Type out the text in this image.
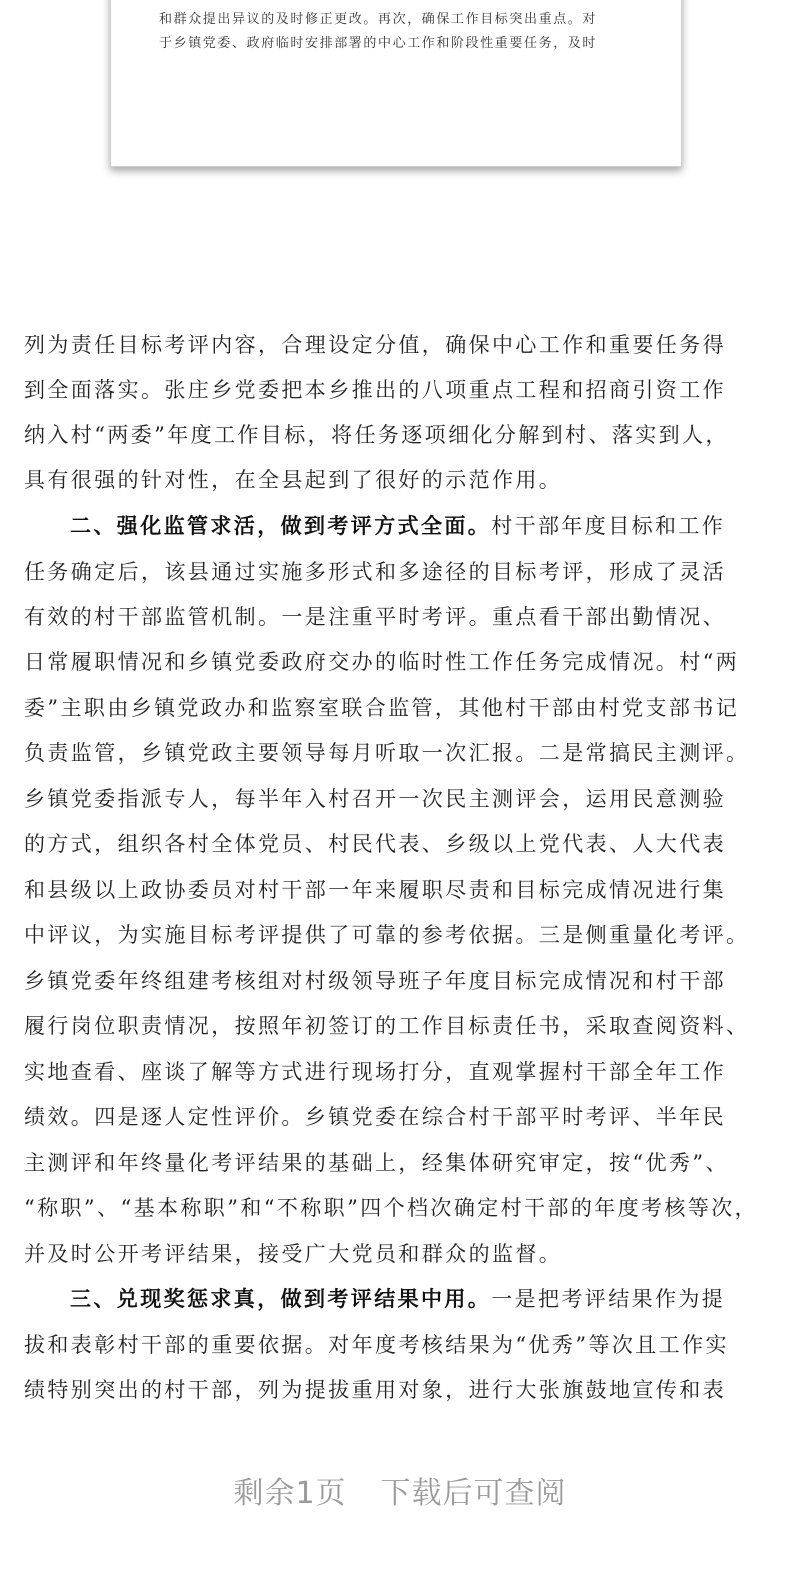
和群众提出异议的及时修正更改。再次，确保工作目标突出重点。对
于乡镇党委、政府临时安排部署的中心工作和阶段性重要任务，及时
列为责任目标考评内容，合理设定分值，确保中心工作和重要任务得
到全面落实。张庄乡党委把本乡推出的八项重点工程和招商引资工作
纳入村“两委”年度工作目标，将任务逐项细化分解到村、落实到人，
具有很强的针对性，在全县起到了很好的示范作用。
二、强化监管求活，做到考评方式全面。村干部年度目标和工作
任务确定后，该县通过实施多形式和多途径的目标考评，形成了灵活
有效的村干部监管机制。一是注重平时考评。重点看干部出勤情况、
日常履职情况和乡镇党委政府交办的临时性工作任务完成情况。村“两
委”主职由乡镇党政办和监察室联合监管，其他村干部由村党支部书记
负责监管，乡镇党政主要领导每月听取一次汇报。二是常搞民主测评。
乡镇党委指派专人，每半年入村召开一次民主测评会，运用民意测验
的方式，组织各村全体党员、村民代表、乡级以上党代表、人大代表
和县级以上政协委员对村干部一年来履职尽责和目标完成情况进行集
中评议，为实施目标考评提供了可靠的参考依据。三是侧重量化考评。
乡镇党委年终组建考核组对村级领导班子年度目标完成情况和村干部
履行岗位职责情况，按照年初签订的工作目标责任书，采取查阅资料、
实地查看、座谈了解等方式进行现场打分，直观掌握村干部全年工作
绩效。四是逐人定性评价。乡镇党委在综合村干部平时考评、半年民
主测评和年终量化考评结果的基础上，经集体研究审定，按“优秀”、
“称职”、“基本称职”和“不称职”四个档次确定村干部的年度考核等次，
并及时公开考评结果，接受广大党员和群众的监督。
三、兑现奖惩求真，做到考评结果中用。一是把考评结果作为提
拔和表彰村干部的重要依据。对年度考核结果为“优秀”等次且工作实
绩特别突出的村干部，列为提拔重用对象，进行大张旗鼓地宣传和表
剩余1页 下载后可查阅
